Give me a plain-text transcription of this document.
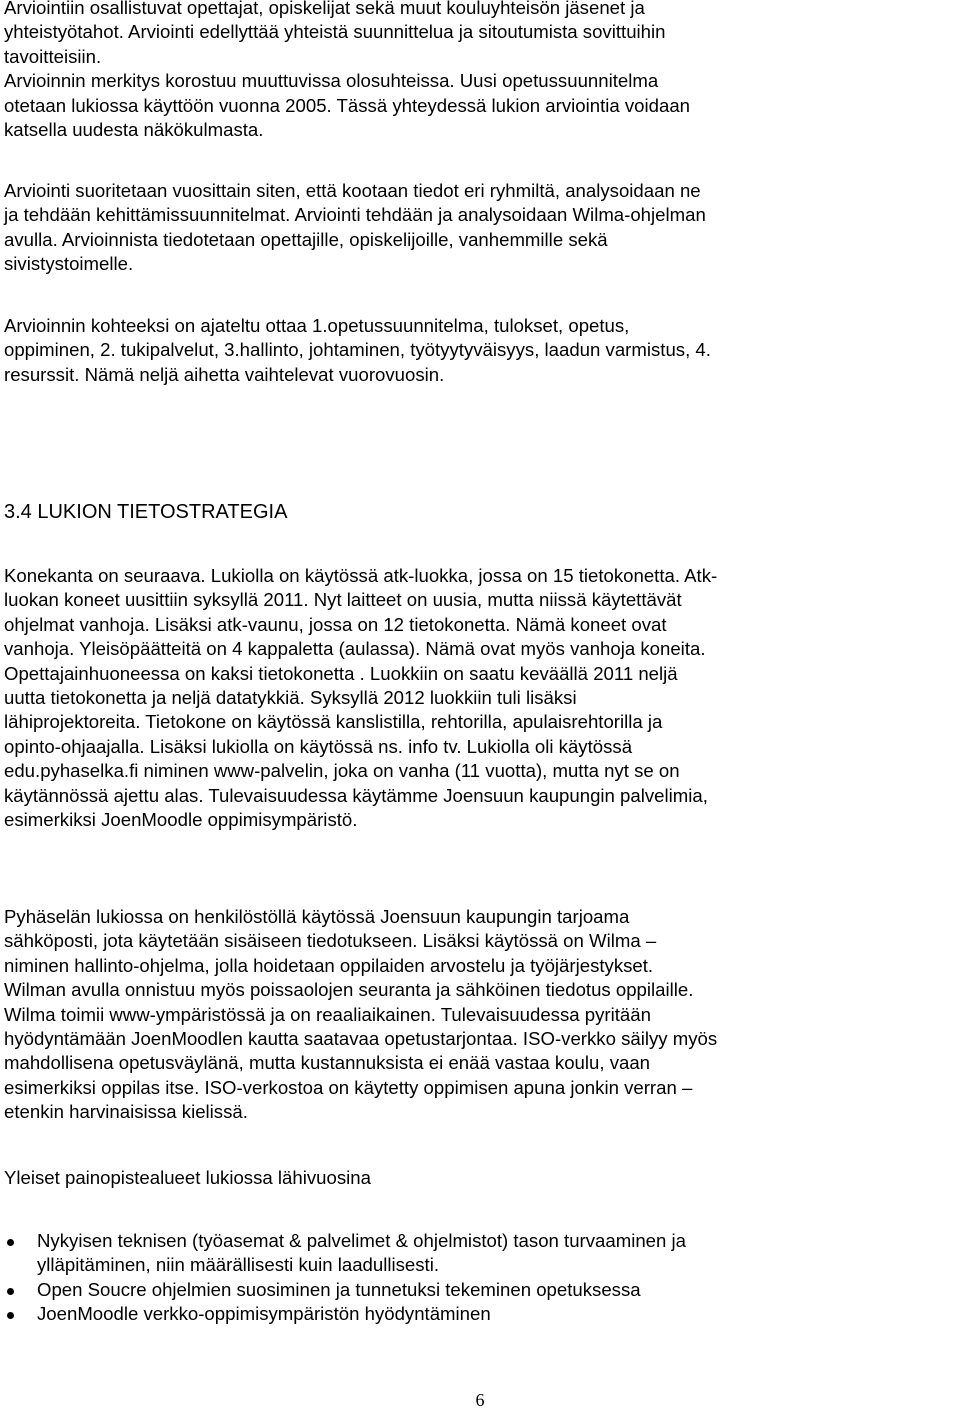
Arviointiin osallistuvat opettajat, opiskelijat sekä muut kouluyhteisön jäsenet ja
yhteistyötahot. Arviointi edellyttää yhteistä suunnittelua ja sitoutumista sovittuihin
tavoitteisiin.
Arvioinnin merkitys korostuu muuttuvissa olosuhteissa. Uusi opetussuunnitelma
otetaan lukiossa käyttöön vuonna 2005. Tässä yhteydessä lukion arviointia voidaan
katsella uudesta näkökulmasta.

Arviointi suoritetaan vuosittain siten, että kootaan tiedot eri ryhmiltä, analysoidaan ne
ja tehdään kehittämissuunnitelmat. Arviointi tehdään ja analysoidaan Wilma-ohjelman
avulla. Arvioinnista tiedotetaan opettajille, opiskelijoille, vanhemmille sekä
sivistystoimelle.

Arvioinnin kohteeksi on ajateltu ottaa 1.opetussuunnitelma, tulokset, opetus,
oppiminen, 2. tukipalvelut, 3.hallinto, johtaminen, työtyytyväisyys, laadun varmistus, 4.
resurssit. Nämä neljä aihetta vaihtelevat vuorovuosin.

3.4 LUKION TIETOSTRATEGIA

Konekanta on seuraava. Lukiolla on käytössä atk-luokka, jossa on 15 tietokonetta. Atk-
luokan koneet uusittiin syksyllä 2011. Nyt laitteet on uusia, mutta niissä käytettävät
ohjelmat vanhoja. Lisäksi atk-vaunu, jossa on 12 tietokonetta. Nämä koneet ovat
vanhoja. Yleisöpäätteitä on 4 kappaletta (aulassa). Nämä ovat myös vanhoja koneita.
Opettajainhuoneessa on kaksi tietokonetta . Luokkiin on saatu keväällä 2011 neljä
uutta tietokonetta ja neljä datatykkiä. Syksyllä 2012 luokkiin tuli lisäksi
lähiprojektoreita. Tietokone on käytössä kanslistilla, rehtorilla, apulaisrehtorilla ja
opinto-ohjaajalla. Lisäksi lukiolla on käytössä ns. info tv. Lukiolla oli käytössä
edu.pyhaselka.fi niminen www-palvelin, joka on vanha (11 vuotta), mutta nyt se on
käytännössä ajettu alas. Tulevaisuudessa käytämme Joensuun kaupungin palvelimia,
esimerkiksi JoenMoodle oppimisympäristö.

Pyhäselän lukiossa on henkilöstöllä käytössä Joensuun kaupungin tarjoama
sähköposti, jota käytetään sisäiseen tiedotukseen. Lisäksi käytössä on Wilma –
niminen hallinto-ohjelma, jolla hoidetaan oppilaiden arvostelu ja työjärjestykset.
Wilman avulla onnistuu myös poissaolojen seuranta ja sähköinen tiedotus oppilaille.
Wilma toimii www-ympäristössä ja on reaaliaikainen. Tulevaisuudessa pyritään
hyödyntämään JoenMoodlen kautta saatavaa opetustarjontaa. ISO-verkko säilyy myös
mahdollisena opetusväylänä, mutta kustannuksista ei enää vastaa koulu, vaan
esimerkiksi oppilas itse. ISO-verkostoa on käytetty oppimisen apuna jonkin verran –
etenkin harvinaisissa kielissä.

Yleiset painopistealueet lukiossa lähivuosina

Nykyisen teknisen (työasemat & palvelimet & ohjelmistot) tason turvaaminen ja
ylläpitäminen, niin määrällisesti kuin laadullisesti.
Open Soucre ohjelmien suosiminen ja tunnetuksi tekeminen opetuksessa
JoenMoodle verkko-oppimisympäristön hyödyntäminen
6
